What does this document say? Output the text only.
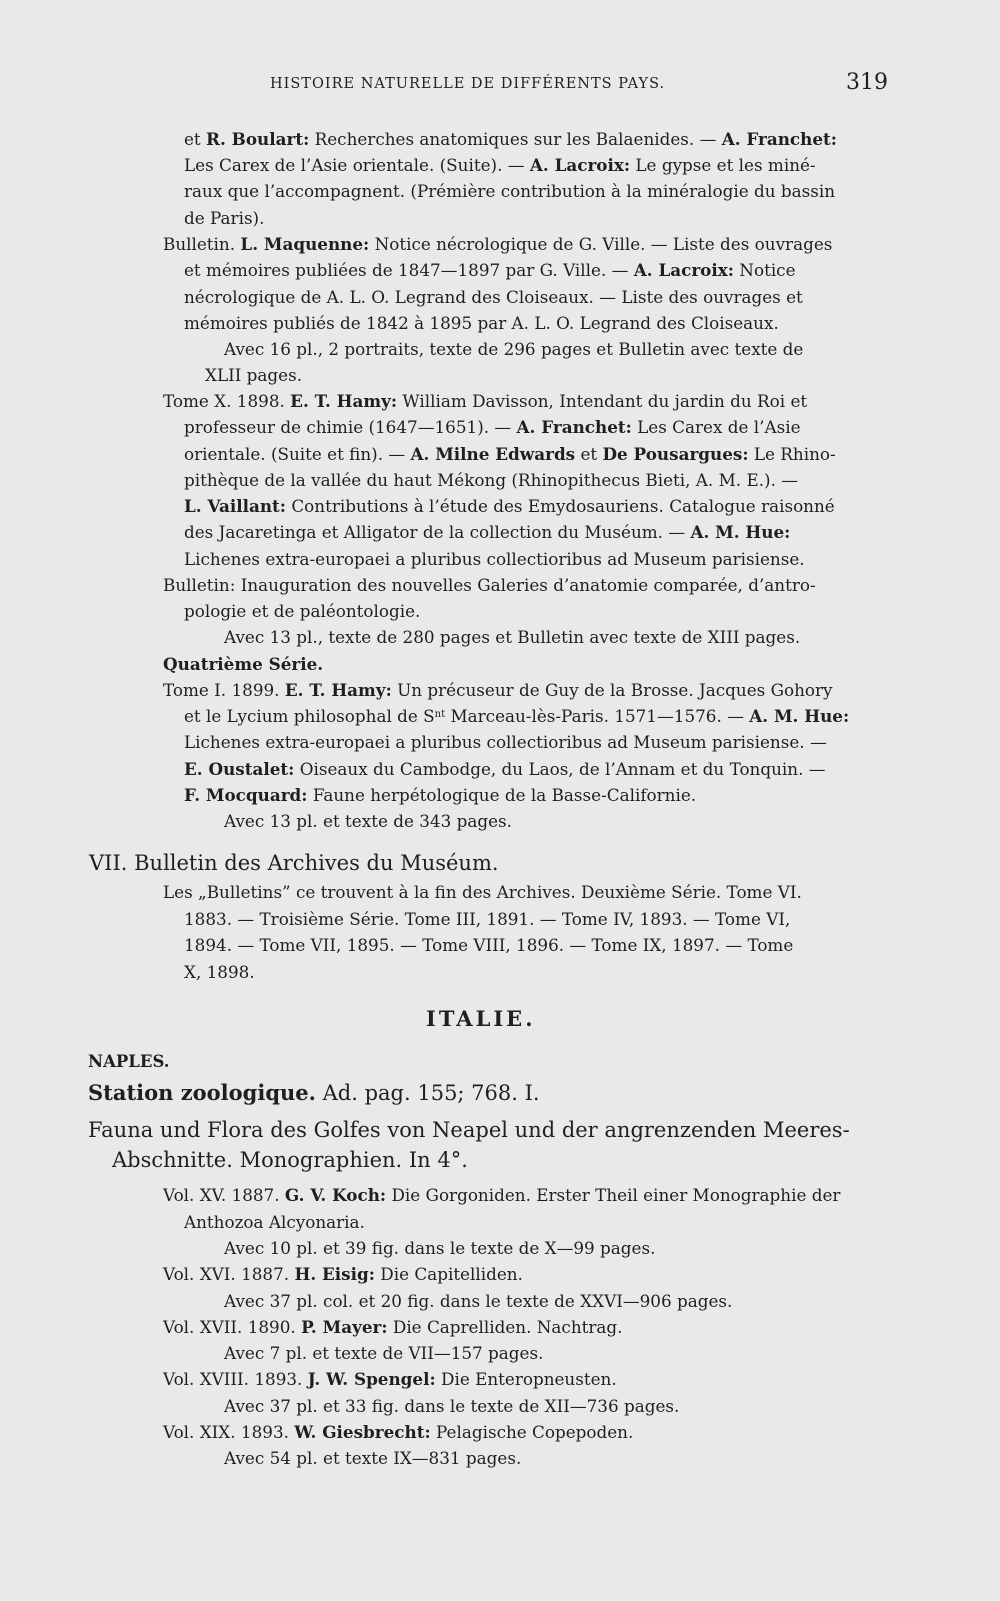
HISTOIRE NATURELLE DE DIFFÉRENTS PAYS.	319
et R. Boulart: Recherches anatomiques sur les Balaenides. — A. Franchet:
Les Carex de l’Asie orientale. (Suite). — A. Lacroix: Le gypse et les miné-
raux que l’accompagnent. (Prémière contribution à la minéralogie du bassin
de Paris).
Bulletin. L. Maquenne: Notice nécrologique de G. Ville. — Liste des ouvrages
et mémoires publiées de 1847—1897 par G. Ville. — A. Lacroix: Notice
nécrologique de A. L. O. Legrand des Cloiseaux. — Liste des ouvrages et
mémoires publiés de 1842 à 1895 par A. L. O. Legrand des Cloiseaux.
Avec 16 pl., 2 portraits, texte de 296 pages et Bulletin avec texte de
XLII pages.
Tome X. 1898. E. T. Hamy: William Davisson, Intendant du jardin du Roi et
professeur de chimie (1647—1651). — A. Franchet: Les Carex de l’Asie
orientale. (Suite et fin). — A. Milne Edwards et De Pousargues: Le Rhino-
pithèque de la vallée du haut Mékong (Rhinopithecus Bieti, A. M. E.). —
L. Vaillant: Contributions à l’étude des Emydosauriens. Catalogue raisonné
des Jacaretinga et Alligator de la collection du Muséum. — A. M. Hue:
Lichenes extra-europaei a pluribus collectioribus ad Museum parisiense.
Bulletin: Inauguration des nouvelles Galeries d’anatomie comparée, d’antro-
pologie et de paléontologie.
Avec 13 pl., texte de 280 pages et Bulletin avec texte de XIII pages.
Quatrième Série.
Tome I. 1899. E. T. Hamy: Un précuseur de Guy de la Brosse. Jacques Gohory
et le Lycium philosophal de $S^{nt}$ Marceau-lès-Paris. 1571—1576. — A. M. Hue:
Lichenes extra-europaei a pluribus collectioribus ad Museum parisiense. —
E. Oustalet: Oiseaux du Cambodge, du Laos, de l’Annam et du Tonquin. —
F. Mocquard: Faune herpétologique de la Basse-Californie.
Avec 13 pl. et texte de 343 pages.
VII. Bulletin des Archives du Muséum.
Les „Bulletins” ce trouvent à la fin des Archives. Deuxième Série. Tome VI.
1883. — Troisième Série. Tome III, 1891. — Tome IV, 1893. — Tome VI,
1894. — Tome VII, 1895. — Tome VIII, 1896. — Tome IX, 1897. — Tome
X, 1898.
Station zoologique. Ad. pag. 155; 768. I.
Fauna und Flora des Golfes von Neapel und der angrenzenden Meeres-
Abschnitte. Monographien. In 4°.
Vol. XV. 1887. G. V. Koch: Die Gorgoniden. Erster Theil einer Monographie der
Anthozoa Alcyonaria.
Avec 10 pl. et 39 fig. dans le texte de X—99 pages.
Vol. XVI. 1887. H. Eisig: Die Capitelliden.
Avec 37 pl. col. et 20 fig. dans le texte de XXVI—906 pages.
Vol. XVII. 1890. P. Mayer: Die Caprelliden. Nachtrag.
Avec 7 pl. et texte de VII—157 pages.
Vol. XVIII. 1893. J. W. Spengel: Die Enteropneusten.
Avec 37 pl. et 33 fig. dans le texte de XII—736 pages.
Vol. XIX. 1893. W. Giesbrecht: Pelagische Copepoden.
Avec 54 pl. et texte IX—831 pages.
ITALIE.
NAPLES.
